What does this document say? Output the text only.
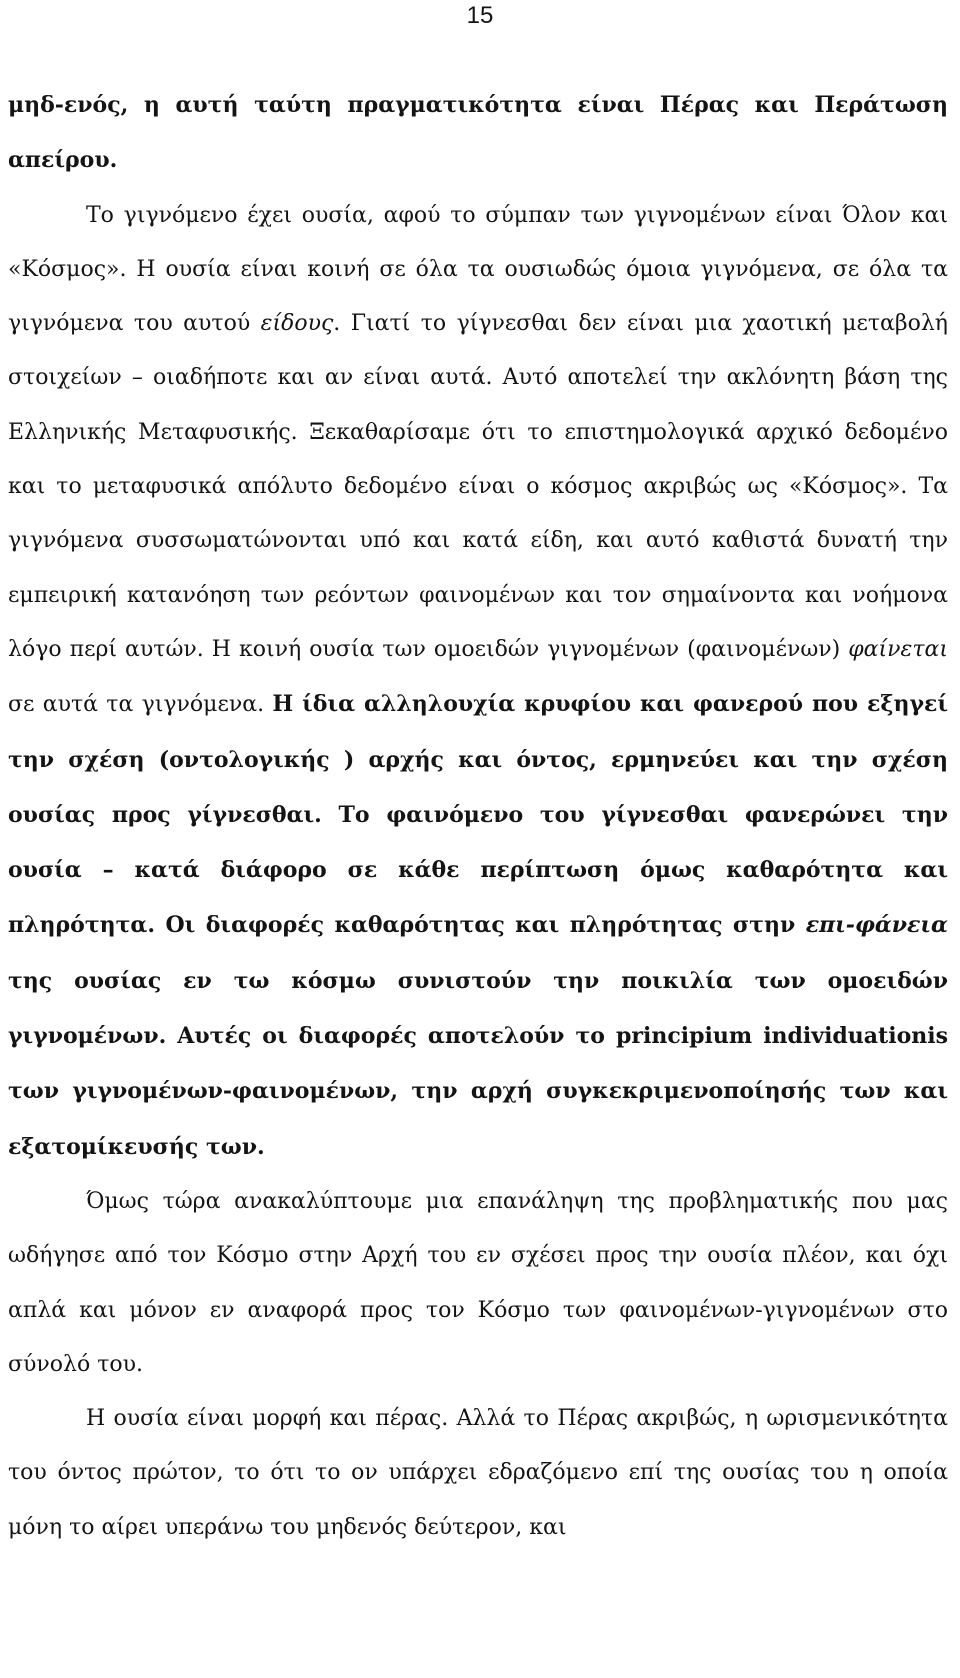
15

μηδ-ενός, η αυτή ταύτη πραγματικότητα είναι Πέρας και Περάτωση απείρου.

Το γιγνόμενο έχει ουσία, αφού το σύμπαν των γιγνομένων είναι Όλον και «Κόσμος». Η ουσία είναι κοινή σε όλα τα ουσιωδώς όμοια γιγνόμενα, σε όλα τα γιγνόμενα του αυτού είδους. Γιατί το γίγνεσθαι δεν είναι μια χαοτική μεταβολή στοιχείων – οιαδήποτε και αν είναι αυτά. Αυτό αποτελεί την ακλόνητη βάση της Ελληνικής Μεταφυσικής. Ξεκαθαρίσαμε ότι το επιστημολογικά αρχικό δεδομένο και το μεταφυσικά απόλυτο δεδομένο είναι ο κόσμος ακριβώς ως «Κόσμος». Τα γιγνόμενα συσσωματώνονται υπό και κατά είδη, και αυτό καθιστά δυνατή την εμπειρική κατανόηση των ρεόντων φαινομένων και τον σημαίνοντα και νοήμονα λόγο περί αυτών. Η κοινή ουσία των ομοειδών γιγνομένων (φαινομένων) φαίνεται σε αυτά τα γιγνόμενα. Η ίδια αλληλουχία κρυφίου και φανερού που εξηγεί την σχέση (οντολογικής ) αρχής και όντος, ερμηνεύει και την σχέση ουσίας προς γίγνεσθαι. Το φαινόμενο του γίγνεσθαι φανερώνει την ουσία – κατά διάφορο σε κάθε περίπτωση όμως καθαρότητα και πληρότητα. Οι διαφορές καθαρότητας και πληρότητας στην επι-φάνεια της ουσίας εν τω κόσμω συνιστούν την ποικιλία των ομοειδών γιγνομένων. Αυτές οι διαφορές αποτελούν το principium individuationis των γιγνομένων-φαινομένων, την αρχή συγκεκριμενοποίησής των και εξατομίκευσής των.

Όμως τώρα ανακαλύπτουμε μια επανάληψη της προβληματικής που μας ωδήγησε από τον Κόσμο στην Αρχή του εν σχέσει προς την ουσία πλέον, και όχι απλά και μόνον εν αναφορά προς τον Κόσμο των φαινομένων-γιγνομένων στο σύνολό του.

Η ουσία είναι μορφή και πέρας. Αλλά το Πέρας ακριβώς, η ωρισμενικότητα του όντος πρώτον, το ότι το ον υπάρχει εδραζόμενο επί της ουσίας του η οποία μόνη το αίρει υπεράνω του μηδενός δεύτερον, και
